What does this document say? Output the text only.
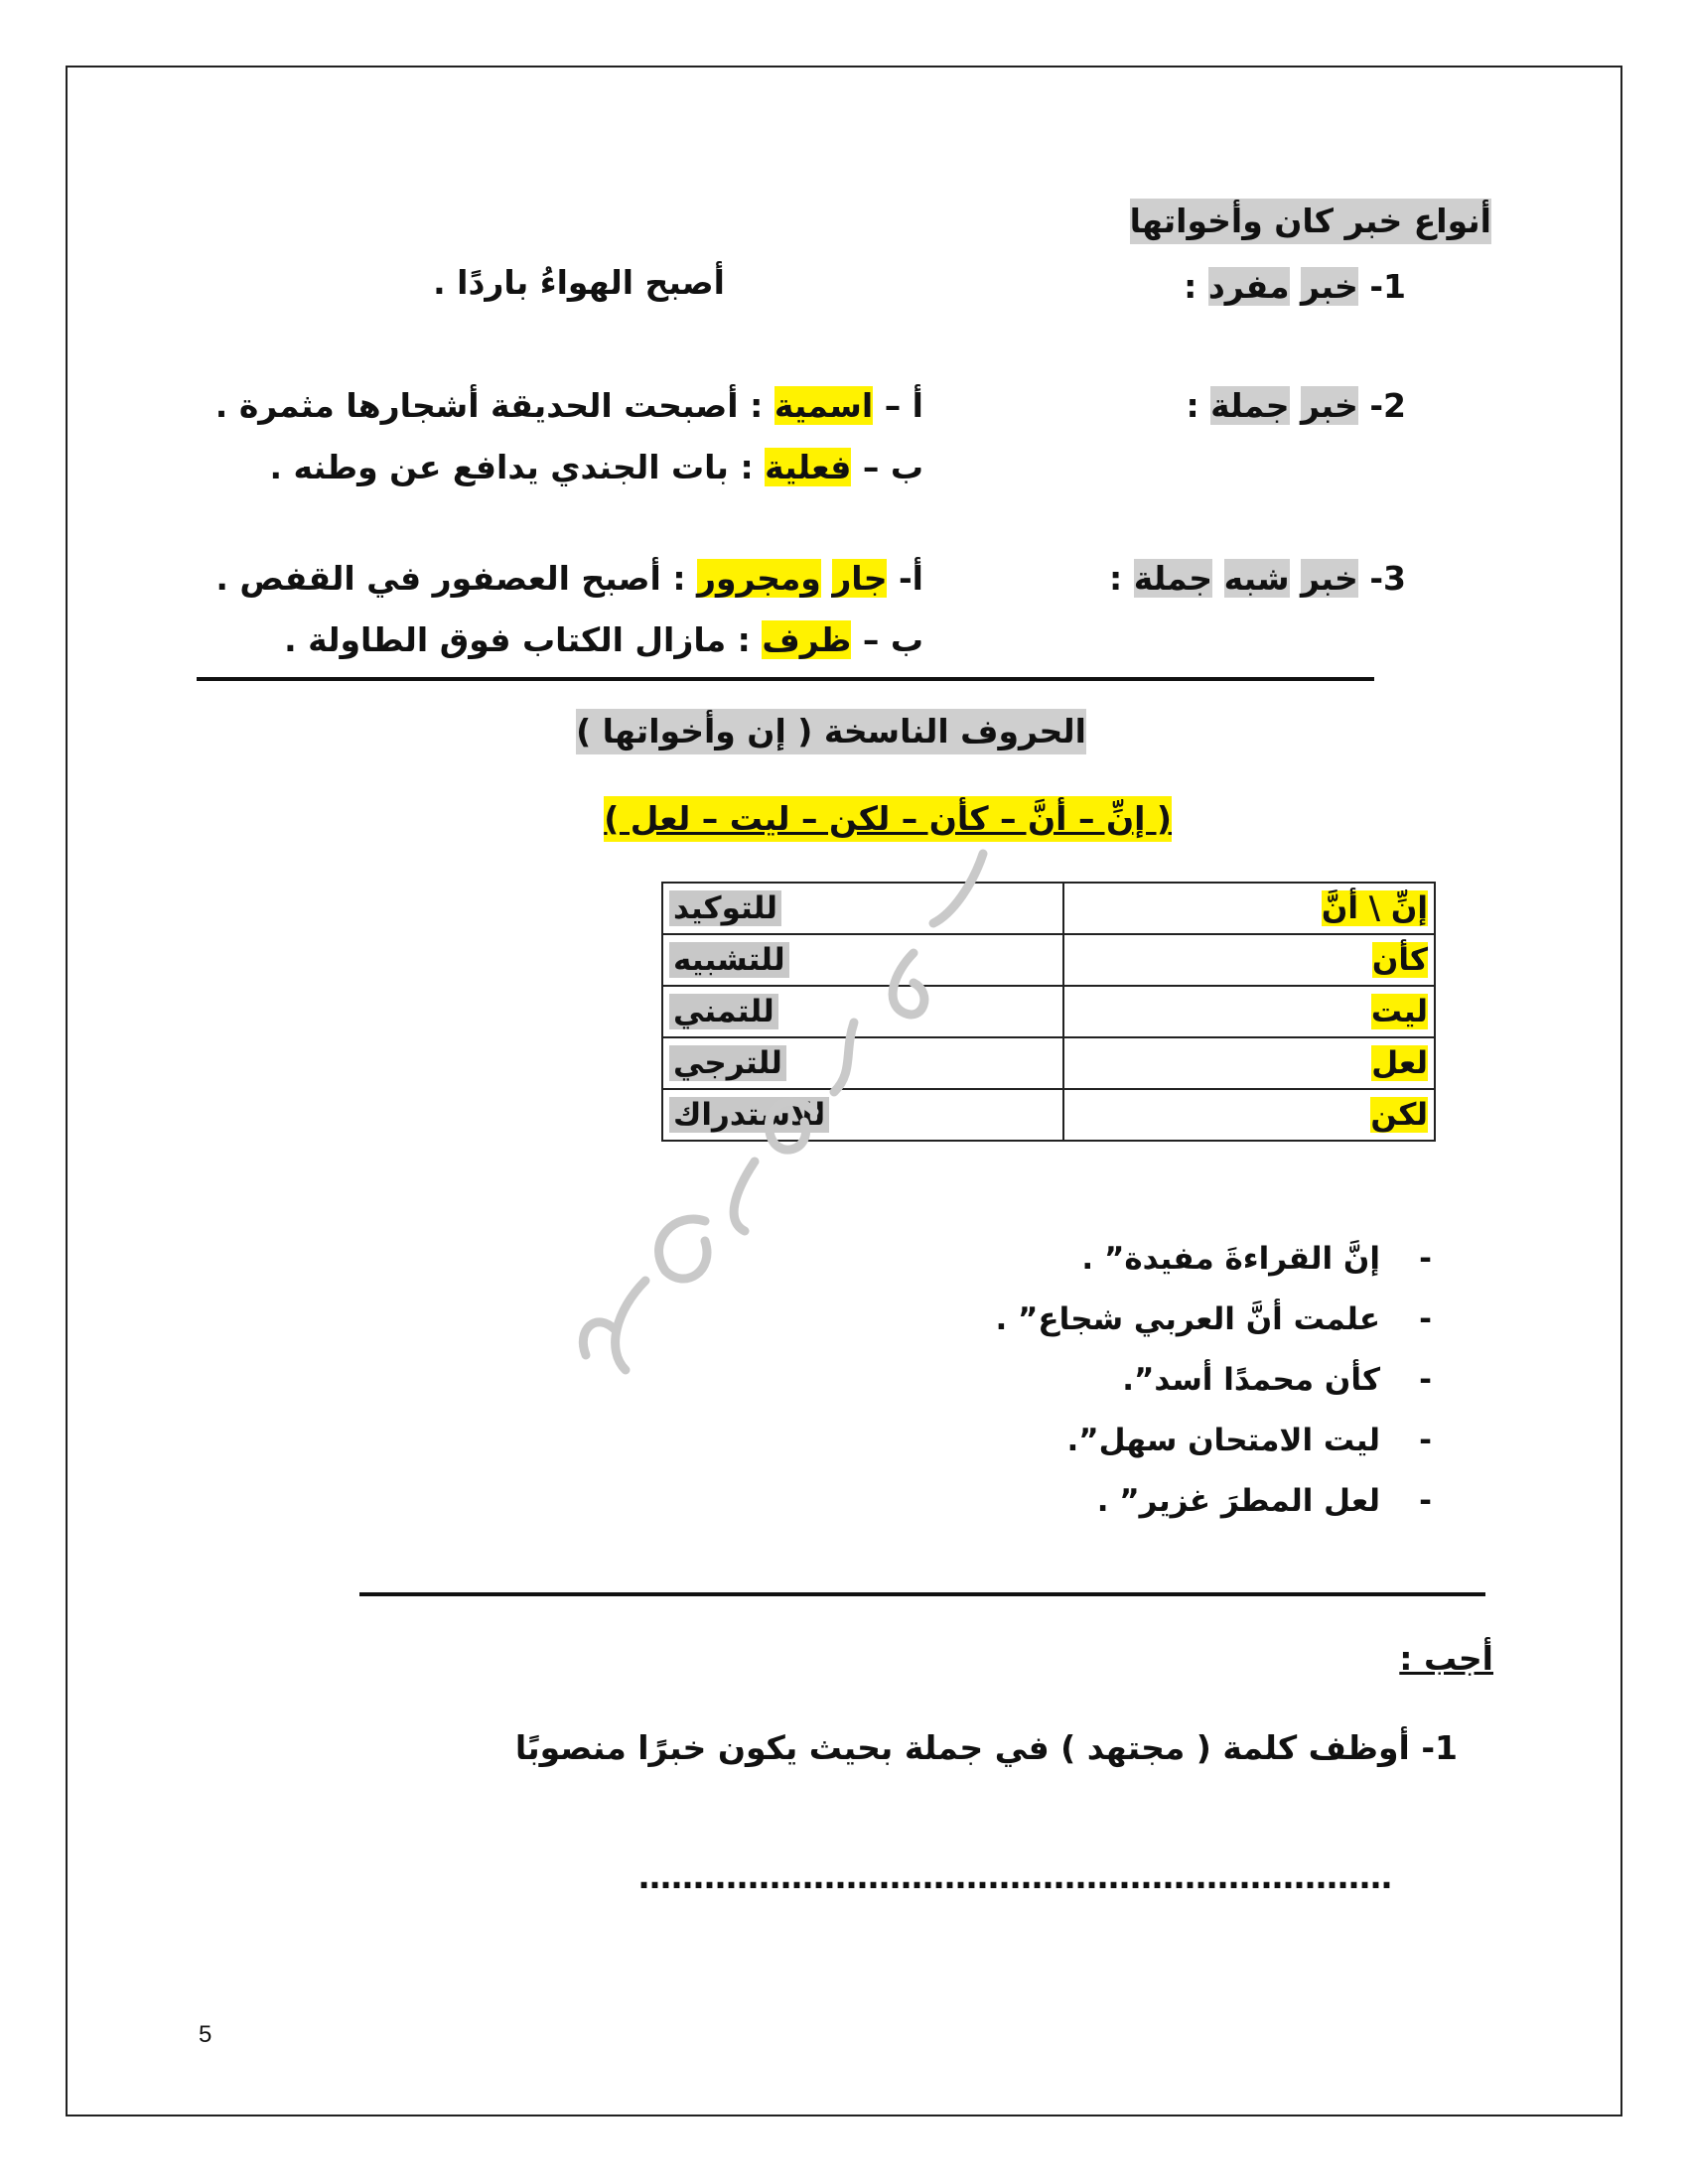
أنواع خبر كان وأخواتها
1- خبر مفرد :
أصبح الهواءُ باردًا .
2- خبر جملة :
أ – اسمية : أصبحت الحديقة أشجارها مثمرة .
ب – فعلية : بات الجندي يدافع عن وطنه .
3- خبر شبه جملة :
أ- جار ومجرور : أصبح العصفور في القفص .
ب – ظرف : مازال الكتاب فوق الطاولة .
الحروف الناسخة ( إن وأخواتها )
( إنِّ – أنَّ – كأن – لكن – ليت – لعل )
إنِّ \ أنَّ	للتوكيد
كأن	للتشبيه
ليت	للتمني
لعل	للترجي
لكن	للاستدراك
-إنَّ القراءةَ مفيدة” .
-علمت أنَّ العربي شجاع” .
-كأن محمدًا أسد”.
-ليت الامتحان سهل”.
-لعل المطرَ غزير” .
أجب :
1- أوظف كلمة ( مجتهد ) في جملة بحيث يكون خبرًا منصوبًا
……………………………………………………………
5
